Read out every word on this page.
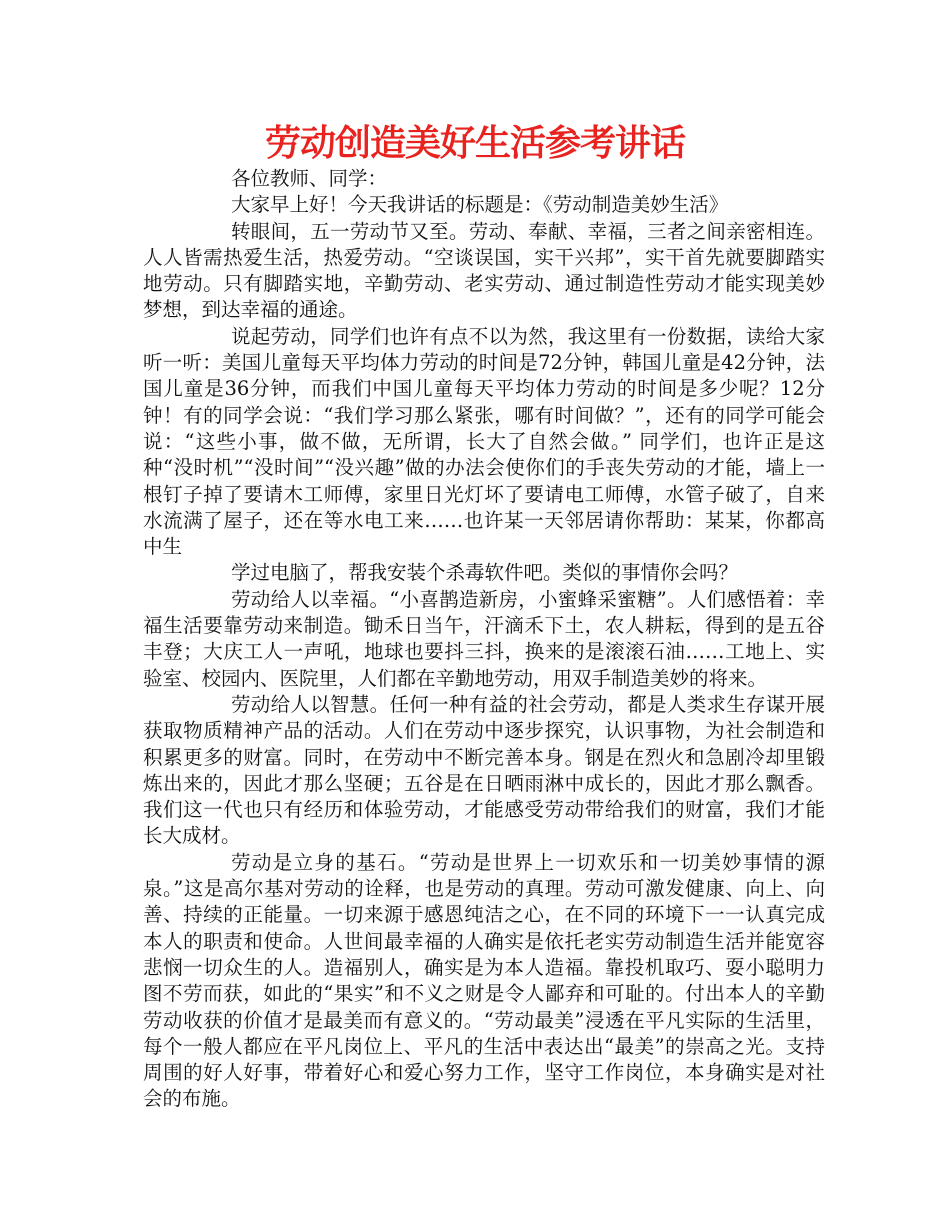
劳动创造美好生活参考讲话

各位教师、同学：

大家早上好！今天我讲话的标题是：《劳动制造美妙生活》

转眼间，五一劳动节又至。劳动、奉献、幸福，三者之间亲密相连。人人皆需热爱生活，热爱劳动。“空谈误国，实干兴邦”，实干首先就要脚踏实地劳动。只有脚踏实地，辛勤劳动、老实劳动、通过制造性劳动才能实现美妙梦想，到达幸福的通途。

说起劳动，同学们也许有点不以为然，我这里有一份数据，读给大家听一听：美国儿童每天平均体力劳动的时间是72分钟，韩国儿童是42分钟，法国儿童是36分钟，而我们中国儿童每天平均体力劳动的时间是多少呢？12分钟！有的同学会说：“我们学习那么紧张，哪有时间做？”，还有的同学可能会说：“这些小事，做不做，无所谓，长大了自然会做。” 同学们，也许正是这种“没时机”“没时间”“没兴趣”做的办法会使你们的手丧失劳动的才能，墙上一根钉子掉了要请木工师傅，家里日光灯坏了要请电工师傅，水管子破了，自来水流满了屋子，还在等水电工来……也许某一天邻居请你帮助：某某，你都高中生

学过电脑了，帮我安装个杀毒软件吧。类似的事情你会吗？

劳动给人以幸福。“小喜鹊造新房，小蜜蜂采蜜糖”。人们感悟着：幸福生活要靠劳动来制造。锄禾日当午，汗滴禾下土，农人耕耘，得到的是五谷丰登；大庆工人一声吼，地球也要抖三抖，换来的是滚滚石油……工地上、实验室、校园内、医院里，人们都在辛勤地劳动，用双手制造美妙的将来。

劳动给人以智慧。任何一种有益的社会劳动，都是人类求生存谋开展获取物质精神产品的活动。人们在劳动中逐步探究，认识事物，为社会制造和积累更多的财富。同时，在劳动中不断完善本身。钢是在烈火和急剧冷却里锻炼出来的，因此才那么坚硬；五谷是在日晒雨淋中成长的，因此才那么飘香。我们这一代也只有经历和体验劳动，才能感受劳动带给我们的财富，我们才能长大成材。

劳动是立身的基石。“劳动是世界上一切欢乐和一切美妙事情的源泉。”这是高尔基对劳动的诠释，也是劳动的真理。劳动可激发健康、向上、向善、持续的正能量。一切来源于感恩纯洁之心，在不同的环境下一一认真完成本人的职责和使命。人世间最幸福的人确实是依托老实劳动制造生活并能宽容悲悯一切众生的人。造福别人，确实是为本人造福。靠投机取巧、耍小聪明力图不劳而获，如此的“果实”和不义之财是令人鄙弃和可耻的。付出本人的辛勤劳动收获的价值才是最美而有意义的。“劳动最美”浸透在平凡实际的生活里，每个一般人都应在平凡岗位上、平凡的生活中表达出“最美”的崇高之光。支持周围的好人好事，带着好心和爱心努力工作，坚守工作岗位，本身确实是对社会的布施。
